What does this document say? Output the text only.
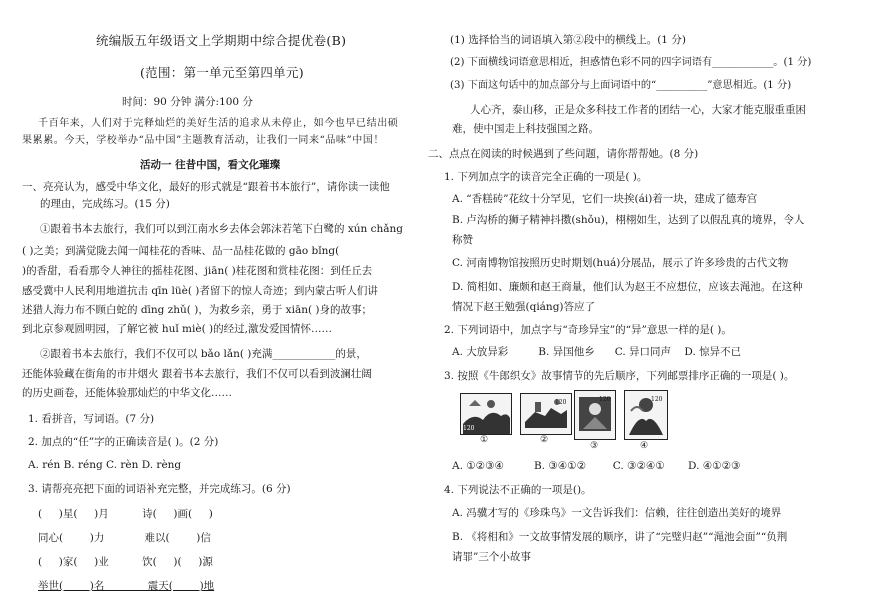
统编版五年级语文上学期期中综合提优卷(B)
(范围：第一单元至第四单元)
时间：90 分钟 满分:100 分
千百年来，人们对于完释灿烂的美好生活的追求从未停止，如今也早已结出硕
果累累。今天，学校举办“品中国”主题教育活动，让我们一同来“品味”中国！
活动一 往昔中国，看文化璀璨
一、亮亮认为，感受中华文化，最好的形式就是“跟着书本旅行”，请你读一读他
的理由，完成练习。(15 分)
①跟着书本去旅行，我们可以到江南水乡去体会郭沫若笔下白鹭的 xún chǎng
( )之美；到满觉陇去闻一闻桂花的香味、品一品桂花做的 gāo bǐng(
)的香甜，看看那令人神往的摇桂花图、jiān( )桂花图和赏桂花图：到任丘去
感受冀中人民利用地道抗击 qīn lüè( )者留下的惊人奇迹；到内蒙古听人们讲
述猎人海力布不顾白蛇的 dīng zhǔ( )，为救乡亲，勇于 xiān( )身的故事；
到北京参观圆明园，了解它被 huǐ miè( )的经过,激发爱国情怀……
②跟着书本去旅行，我们不仅可以 bǎo lǎn( )充满____________的景，
还能体验藏在街角的市井烟火 跟着书本去旅行，我们不仅可以看到波澜壮阔
的历史画卷，还能体验那灿烂的中华文化……
1. 看拼音，写词语。(7 分)
2. 加点的“任”字的正确读音是( )。(2 分)
A. rén B. réng C. rèn D. rèng
3. 请帮亮亮把下面的词语补充完整，并完成练习。(6 分)
(     )星(     )月          诗(     )画(     )
同心(        )力            难以(        )信
(     )家(     )业          饮(     )(     )源
举世(        )名             震天(        )地
(1) 选择恰当的词语填入第②段中的横线上。(1 分)
(2) 下面横线词语意思相近，担惑情色彩不同的四字词语有____________。(1 分)
(3) 下面这句话中的加点部分与上面词语中的“__________”意思相近。(1 分)
人心齐，泰山移，正是众多科技工作者的团结一心，大家才能克服重重困
难，使中国走上科技强国之路。
二、点点在阅读的时候遇到了些问题，请你帮帮她。(8 分)
1. 下列加点字的读音完全正确的一项是( )。
A. “香糕砖”花纹十分罕见，它们一块挨(ái)着一块，建成了德寿宫
B. 卢沟桥的狮子精神抖擞(shǒu)，栩栩如生，达到了以假乱真的境界，令人
称赞
C. 河南博物馆按照历史时期划(huá)分展品，展示了许多珍贵的古代文物
D. 简相如、廉颇和赵王商量，他们认为赵王不应想位，应该去渑池。在这种
情况下赵王勉强(qiáng)答应了
2. 下列词语中，加点字与“奇珍异宝”的“异”意思一样的是( )。
A. 大放异彩         B. 异国他乡      C. 异口同声    D. 惊异不已
3. 按照《牛郎织女》故事情节的先后顺序，下列邮票排序正确的一项是( )。
120
①
120
②
120
③
120
④
A. ①②③④         B. ③④①②        C. ③②④①       D. ④①②③
4. 下列说法不正确的一项是()。
A. 冯骥才写的《珍珠鸟》一文告诉我们：信赖，往往创造出美好的境界
B. 《将相和》一文故事情发展的顺序，讲了“完璧归赵”“渑池会面”“负荆
请罪”三个小故事
